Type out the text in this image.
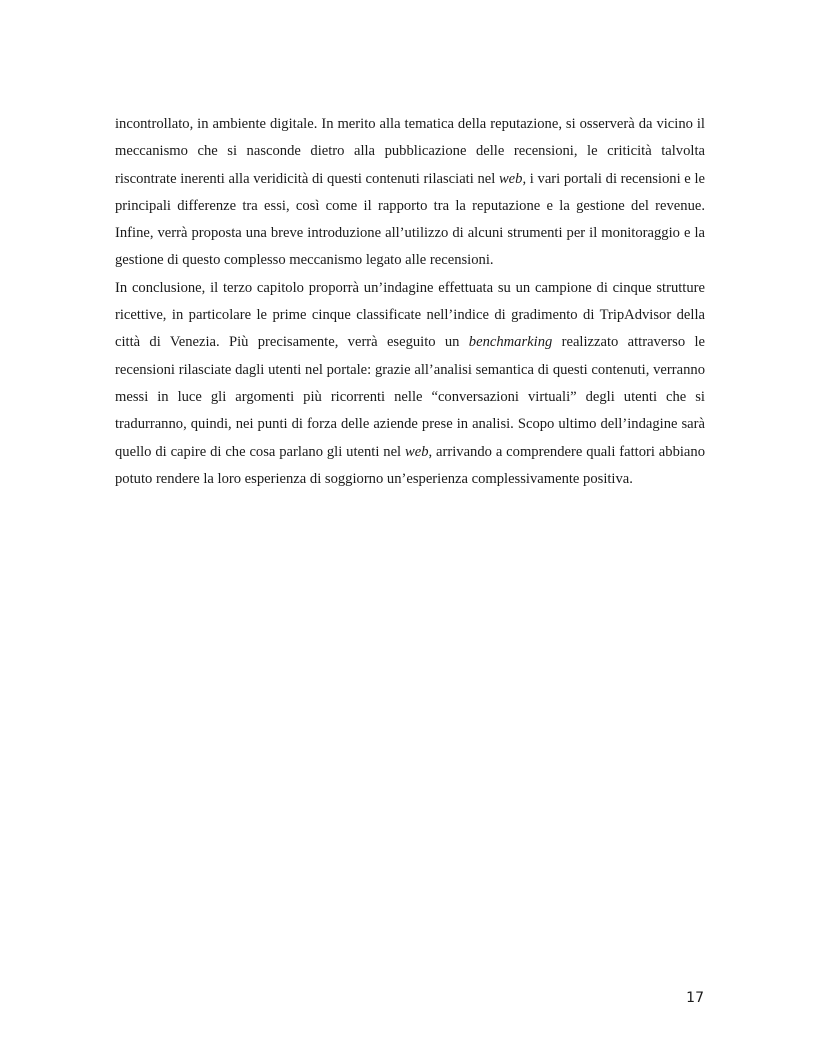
incontrollato, in ambiente digitale. In merito alla tematica della reputazione, si osserverà da vicino il meccanismo che si nasconde dietro alla pubblicazione delle recensioni, le criticità talvolta riscontrate inerenti alla veridicità di questi contenuti rilasciati nel web, i vari portali di recensioni e le principali differenze tra essi, così come il rapporto tra la reputazione e la gestione del revenue. Infine, verrà proposta una breve introduzione all’utilizzo di alcuni strumenti per il monitoraggio e la gestione di questo complesso meccanismo legato alle recensioni.

In conclusione, il terzo capitolo proporrà un’indagine effettuata su un campione di cinque strutture ricettive, in particolare le prime cinque classificate nell’indice di gradimento di TripAdvisor della città di Venezia. Più precisamente, verrà eseguito un benchmarking realizzato attraverso le recensioni rilasciate dagli utenti nel portale: grazie all’analisi semantica di questi contenuti, verranno messi in luce gli argomenti più ricorrenti nelle “conversazioni virtuali” degli utenti che si tradurranno, quindi, nei punti di forza delle aziende prese in analisi. Scopo ultimo dell’indagine sarà quello di capire di che cosa parlano gli utenti nel web, arrivando a comprendere quali fattori abbiano potuto rendere la loro esperienza di soggiorno un’esperienza complessivamente positiva.

17
